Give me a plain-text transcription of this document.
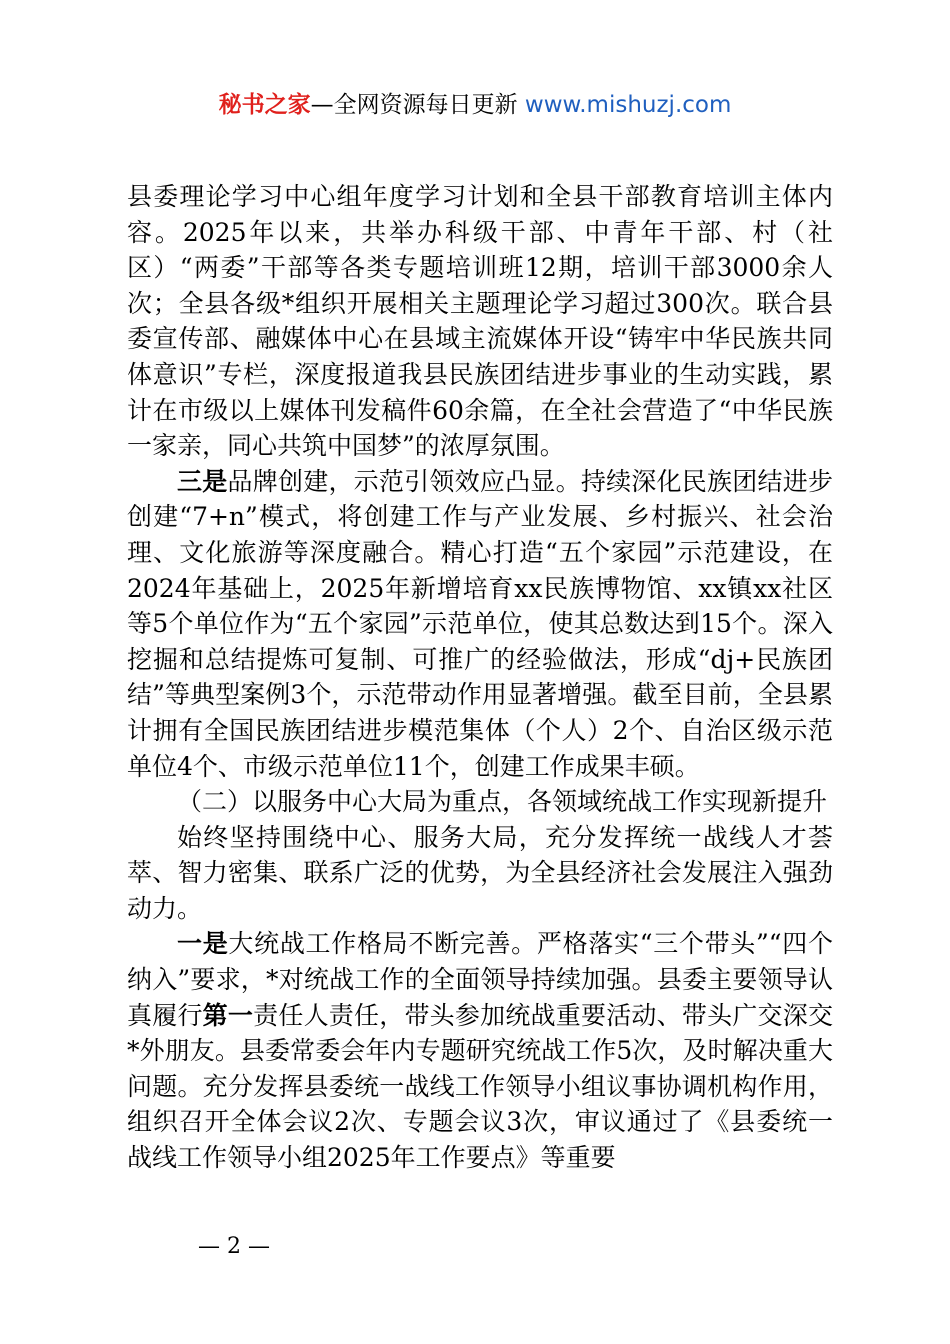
秘书之家—全网资源每日更新 www.mishuzj.com

县委理论学习中心组年度学习计划和全县干部教育培训主体内容。2025年以来，共举办科级干部、中青年干部、村（社区）“两委”干部等各类专题培训班12期，培训干部3000余人次；全县各级*组织开展相关主题理论学习超过300次。联合县委宣传部、融媒体中心在县域主流媒体开设“铸牢中华民族共同体意识”专栏，深度报道我县民族团结进步事业的生动实践，累计在市级以上媒体刊发稿件60余篇，在全社会营造了“中华民族一家亲，同心共筑中国梦”的浓厚氛围。

三是品牌创建，示范引领效应凸显。持续深化民族团结进步创建“7+n”模式，将创建工作与产业发展、乡村振兴、社会治理、文化旅游等深度融合。精心打造“五个家园”示范建设，在2024年基础上，2025年新增培育xx民族博物馆、xx镇xx社区等5个单位作为“五个家园”示范单位，使其总数达到15个。深入挖掘和总结提炼可复制、可推广的经验做法，形成“dj+民族团结”等典型案例3个，示范带动作用显著增强。截至目前，全县累计拥有全国民族团结进步模范集体（个人）2个、自治区级示范单位4个、市级示范单位11个，创建工作成果丰硕。

（二）以服务中心大局为重点，各领域统战工作实现新提升

始终坚持围绕中心、服务大局，充分发挥统一战线人才荟萃、智力密集、联系广泛的优势，为全县经济社会发展注入强劲动力。

一是大统战工作格局不断完善。严格落实“三个带头”“四个纳入”要求，*对统战工作的全面领导持续加强。县委主要领导认真履行第一责任人责任，带头参加统战重要活动、带头广交深交*外朋友。县委常委会年内专题研究统战工作5次，及时解决重大问题。充分发挥县委统一战线工作领导小组议事协调机构作用，组织召开全体会议2次、专题会议3次，审议通过了《县委统一战线工作领导小组2025年工作要点》等重要

— 2 —
